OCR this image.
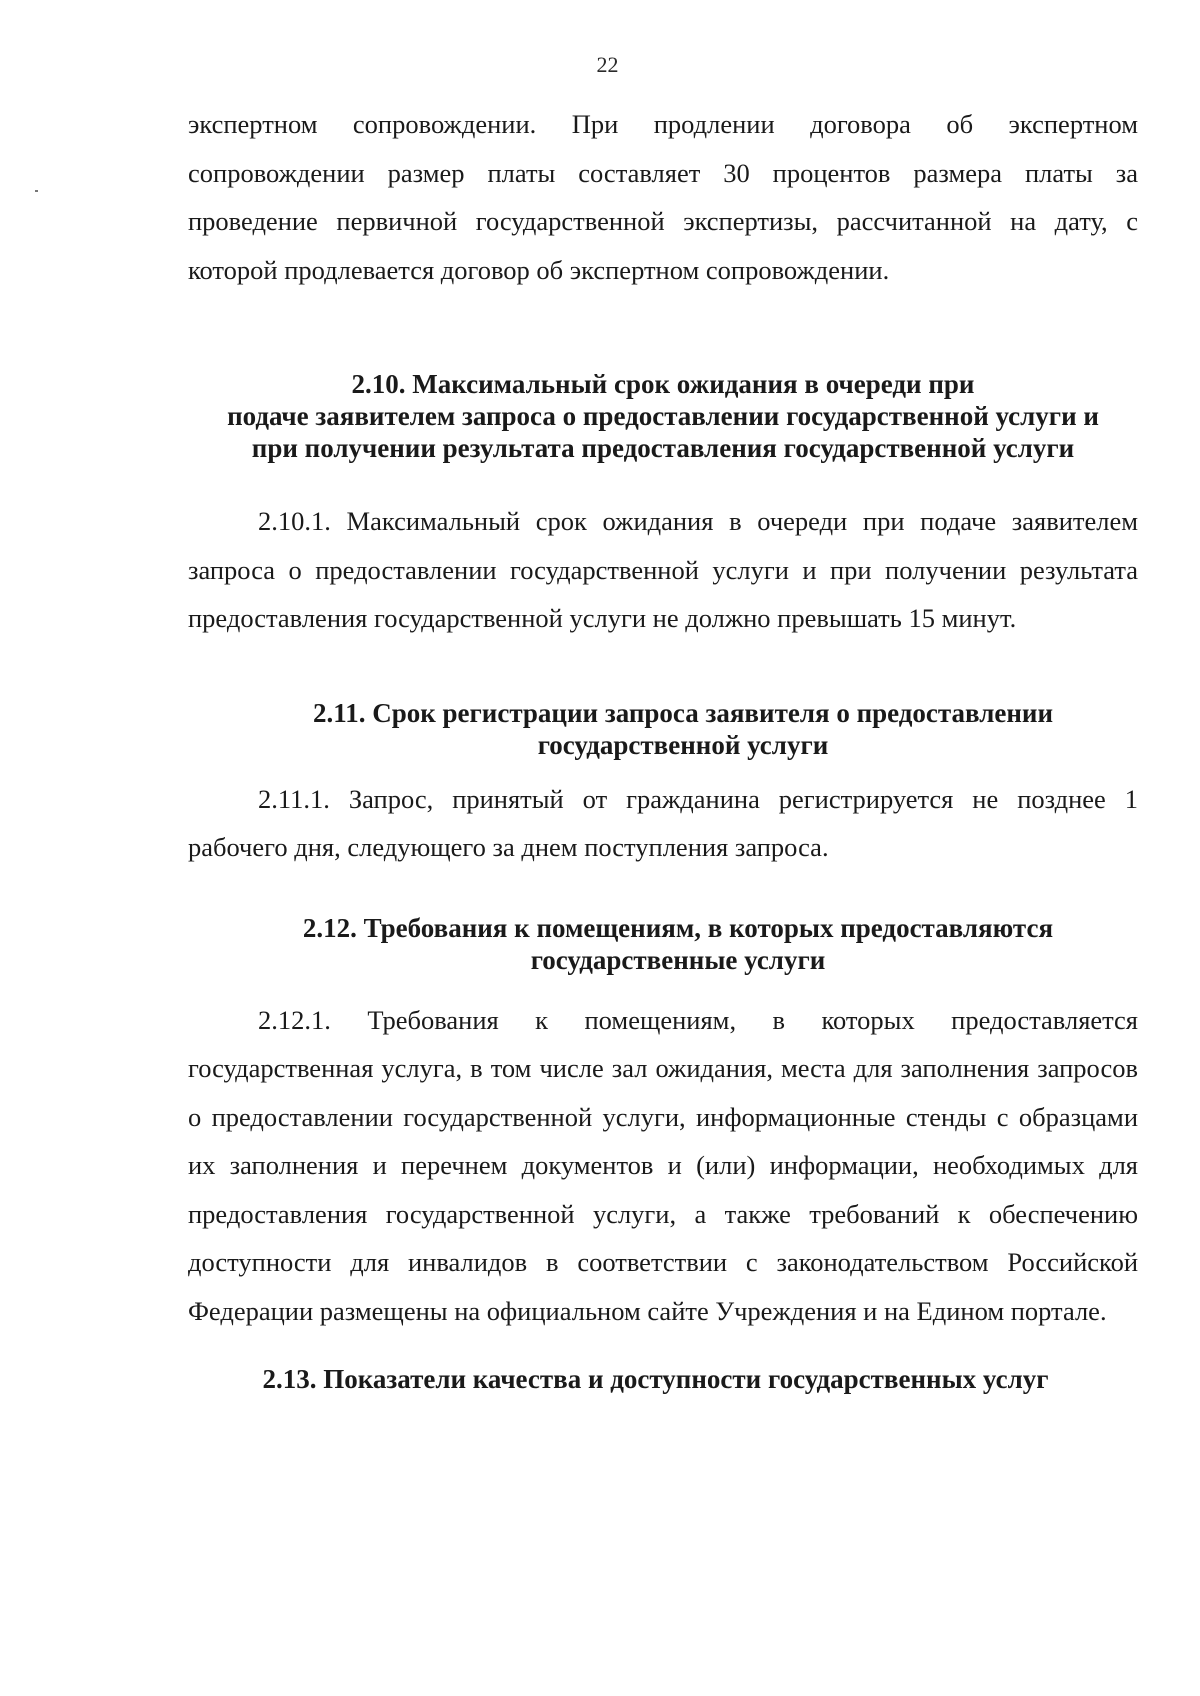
22

экспертном сопровождении. При продлении договора об экспертном сопровождении размер платы составляет 30 процентов размера платы за проведение первичной государственной экспертизы, рассчитанной на дату, с которой продлевается договор об экспертном сопровождении.

2.10. Максимальный срок ожидания в очереди при
подаче заявителем запроса о предоставлении государственной услуги и
при получении результата предоставления государственной услуги

2.10.1. Максимальный срок ожидания в очереди при подаче заявителем запроса о предоставлении государственной услуги и при получении результата предоставления государственной услуги не должно превышать 15 минут.

2.11. Срок регистрации запроса заявителя о предоставлении
государственной услуги

2.11.1. Запрос, принятый от гражданина регистрируется не позднее 1 рабочего дня, следующего за днем поступления запроса.

2.12. Требования к помещениям, в которых предоставляются
государственные услуги

2.12.1. Требования к помещениям, в которых предоставляется государственная услуга, в том числе зал ожидания, места для заполнения запросов о предоставлении государственной услуги, информационные стенды с образцами их заполнения и перечнем документов и (или) информации, необходимых для предоставления государственной услуги, а также требований к обеспечению доступности для инвалидов в соответствии с законодательством Российской Федерации размещены на официальном сайте Учреждения и на Едином портале.

2.13. Показатели качества и доступности государственных услуг
